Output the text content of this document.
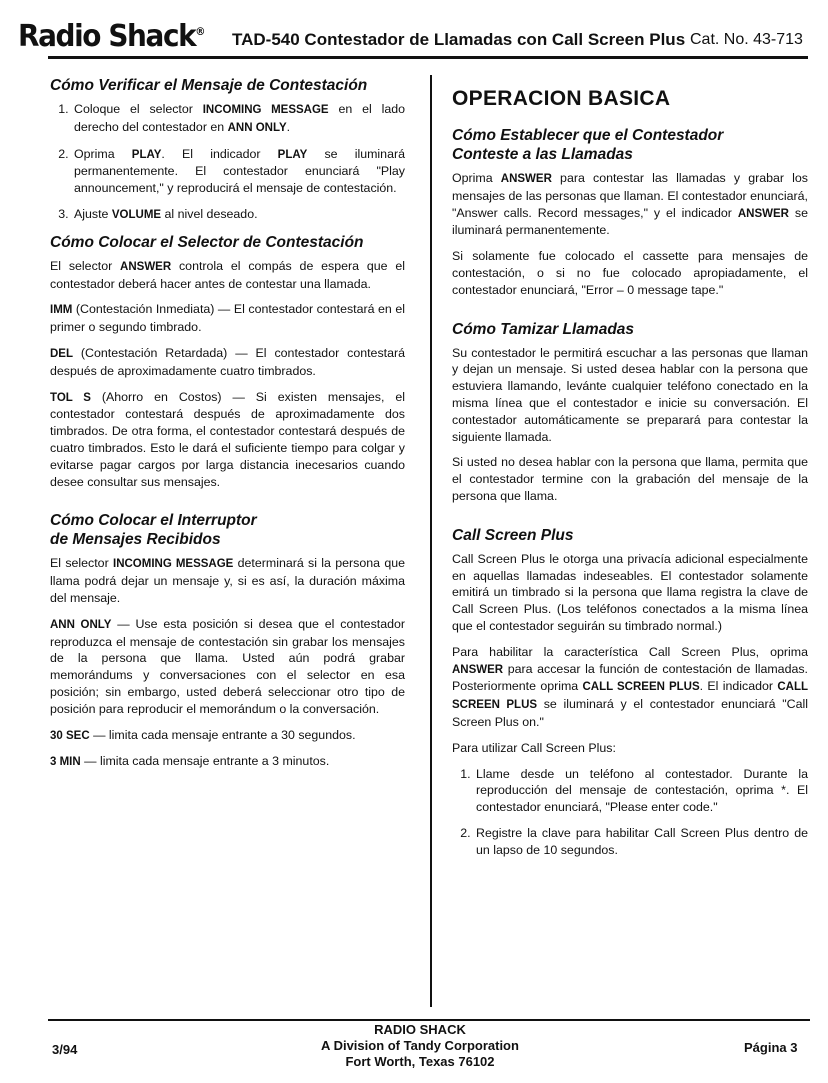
Radio Shack® TAD-540 Contestador de Llamadas con Call Screen Plus Cat. No. 43-713
Cómo Verificar el Mensaje de Contestación
1. Coloque el selector INCOMING MESSAGE en el lado derecho del contestador en ANN ONLY.
2. Oprima PLAY. El indicador PLAY se iluminará permanentemente. El contestador enunciará "Play announcement," y reproducirá el mensaje de contestación.
3. Ajuste VOLUME al nivel deseado.
Cómo Colocar el Selector de Contestación

El selector ANSWER controla el compás de espera que el contestador deberá hacer antes de contestar una llamada.

IMM (Contestación Inmediata) — El contestador contestará en el primer o segundo timbrado.

DEL (Contestación Retardada) — El contestador contestará después de aproximadamente cuatro timbrados.

TOL S (Ahorro en Costos) — Si existen mensajes, el contestador contestará después de aproximadamente dos timbrados. De otra forma, el contestador contestará después de cuatro timbrados. Esto le dará el suficiente tiempo para colgar y evitarse pagar cargos por larga distancia inecesarios cuando desee consultar sus mensajes.

Cómo Colocar el Interruptor
de Mensajes Recibidos

El selector INCOMING MESSAGE determinará si la persona que llama podrá dejar un mensaje y, si es así, la duración máxima del mensaje.

ANN ONLY — Use esta posición si desea que el contestador reproduzca el mensaje de contestación sin grabar los mensajes de la persona que llama. Usted aún podrá grabar memorándums y conversaciones con el selector en esa posición; sin embargo, usted deberá seleccionar otro tipo de posición para reproducir el memorándum o la conversación.

30 SEC — limita cada mensaje entrante a 30 segundos.

3 MIN — limita cada mensaje entrante a 3 minutos.

OPERACION BASICA
Cómo Establecer que el Contestador
Conteste a las Llamadas

Oprima ANSWER para contestar las llamadas y grabar los mensajes de las personas que llaman. El contestador enunciará, "Answer calls. Record messages," y el indicador ANSWER se iluminará permanentemente.

Si solamente fue colocado el cassette para mensajes de contestación, o si no fue colocado apropiadamente, el contestador enunciará, "Error – 0 message tape."

Cómo Tamizar Llamadas

Su contestador le permitirá escuchar a las personas que llaman y dejan un mensaje. Si usted desea hablar con la persona que estuviera llamando, levánte cualquier teléfono conectado en la misma línea que el contestador e inicie su conversación. El contestador automáticamente se preparará para contestar la siguiente llamada.

Si usted no desea hablar con la persona que llama, permita que el contestador termine con la grabación del mensaje de la persona que llama.

Call Screen Plus

Call Screen Plus le otorga una privacía adicional especialmente en aquellas llamadas indeseables. El contestador solamente emitirá un timbrado si la persona que llama registra la clave de Call Screen Plus. (Los teléfonos conectados a la misma línea que el contestador seguirán su timbrado normal.)

Para habilitar la característica Call Screen Plus, oprima ANSWER para accesar la función de contestación de llamadas. Posteriormente oprima CALL SCREEN PLUS. El indicador CALL SCREEN PLUS se iluminará y el contestador enunciará "Call Screen Plus on."

Para utilizar Call Screen Plus:

1. Llame desde un teléfono al contestador. Durante la reproducción del mensaje de contestación, oprima *. El contestador enunciará, "Please enter code."
2. Registre la clave para habilitar Call Screen Plus dentro de un lapso de 10 segundos.
3/94
RADIO SHACK
A Division of Tandy Corporation
Fort Worth, Texas 76102
Página 3
